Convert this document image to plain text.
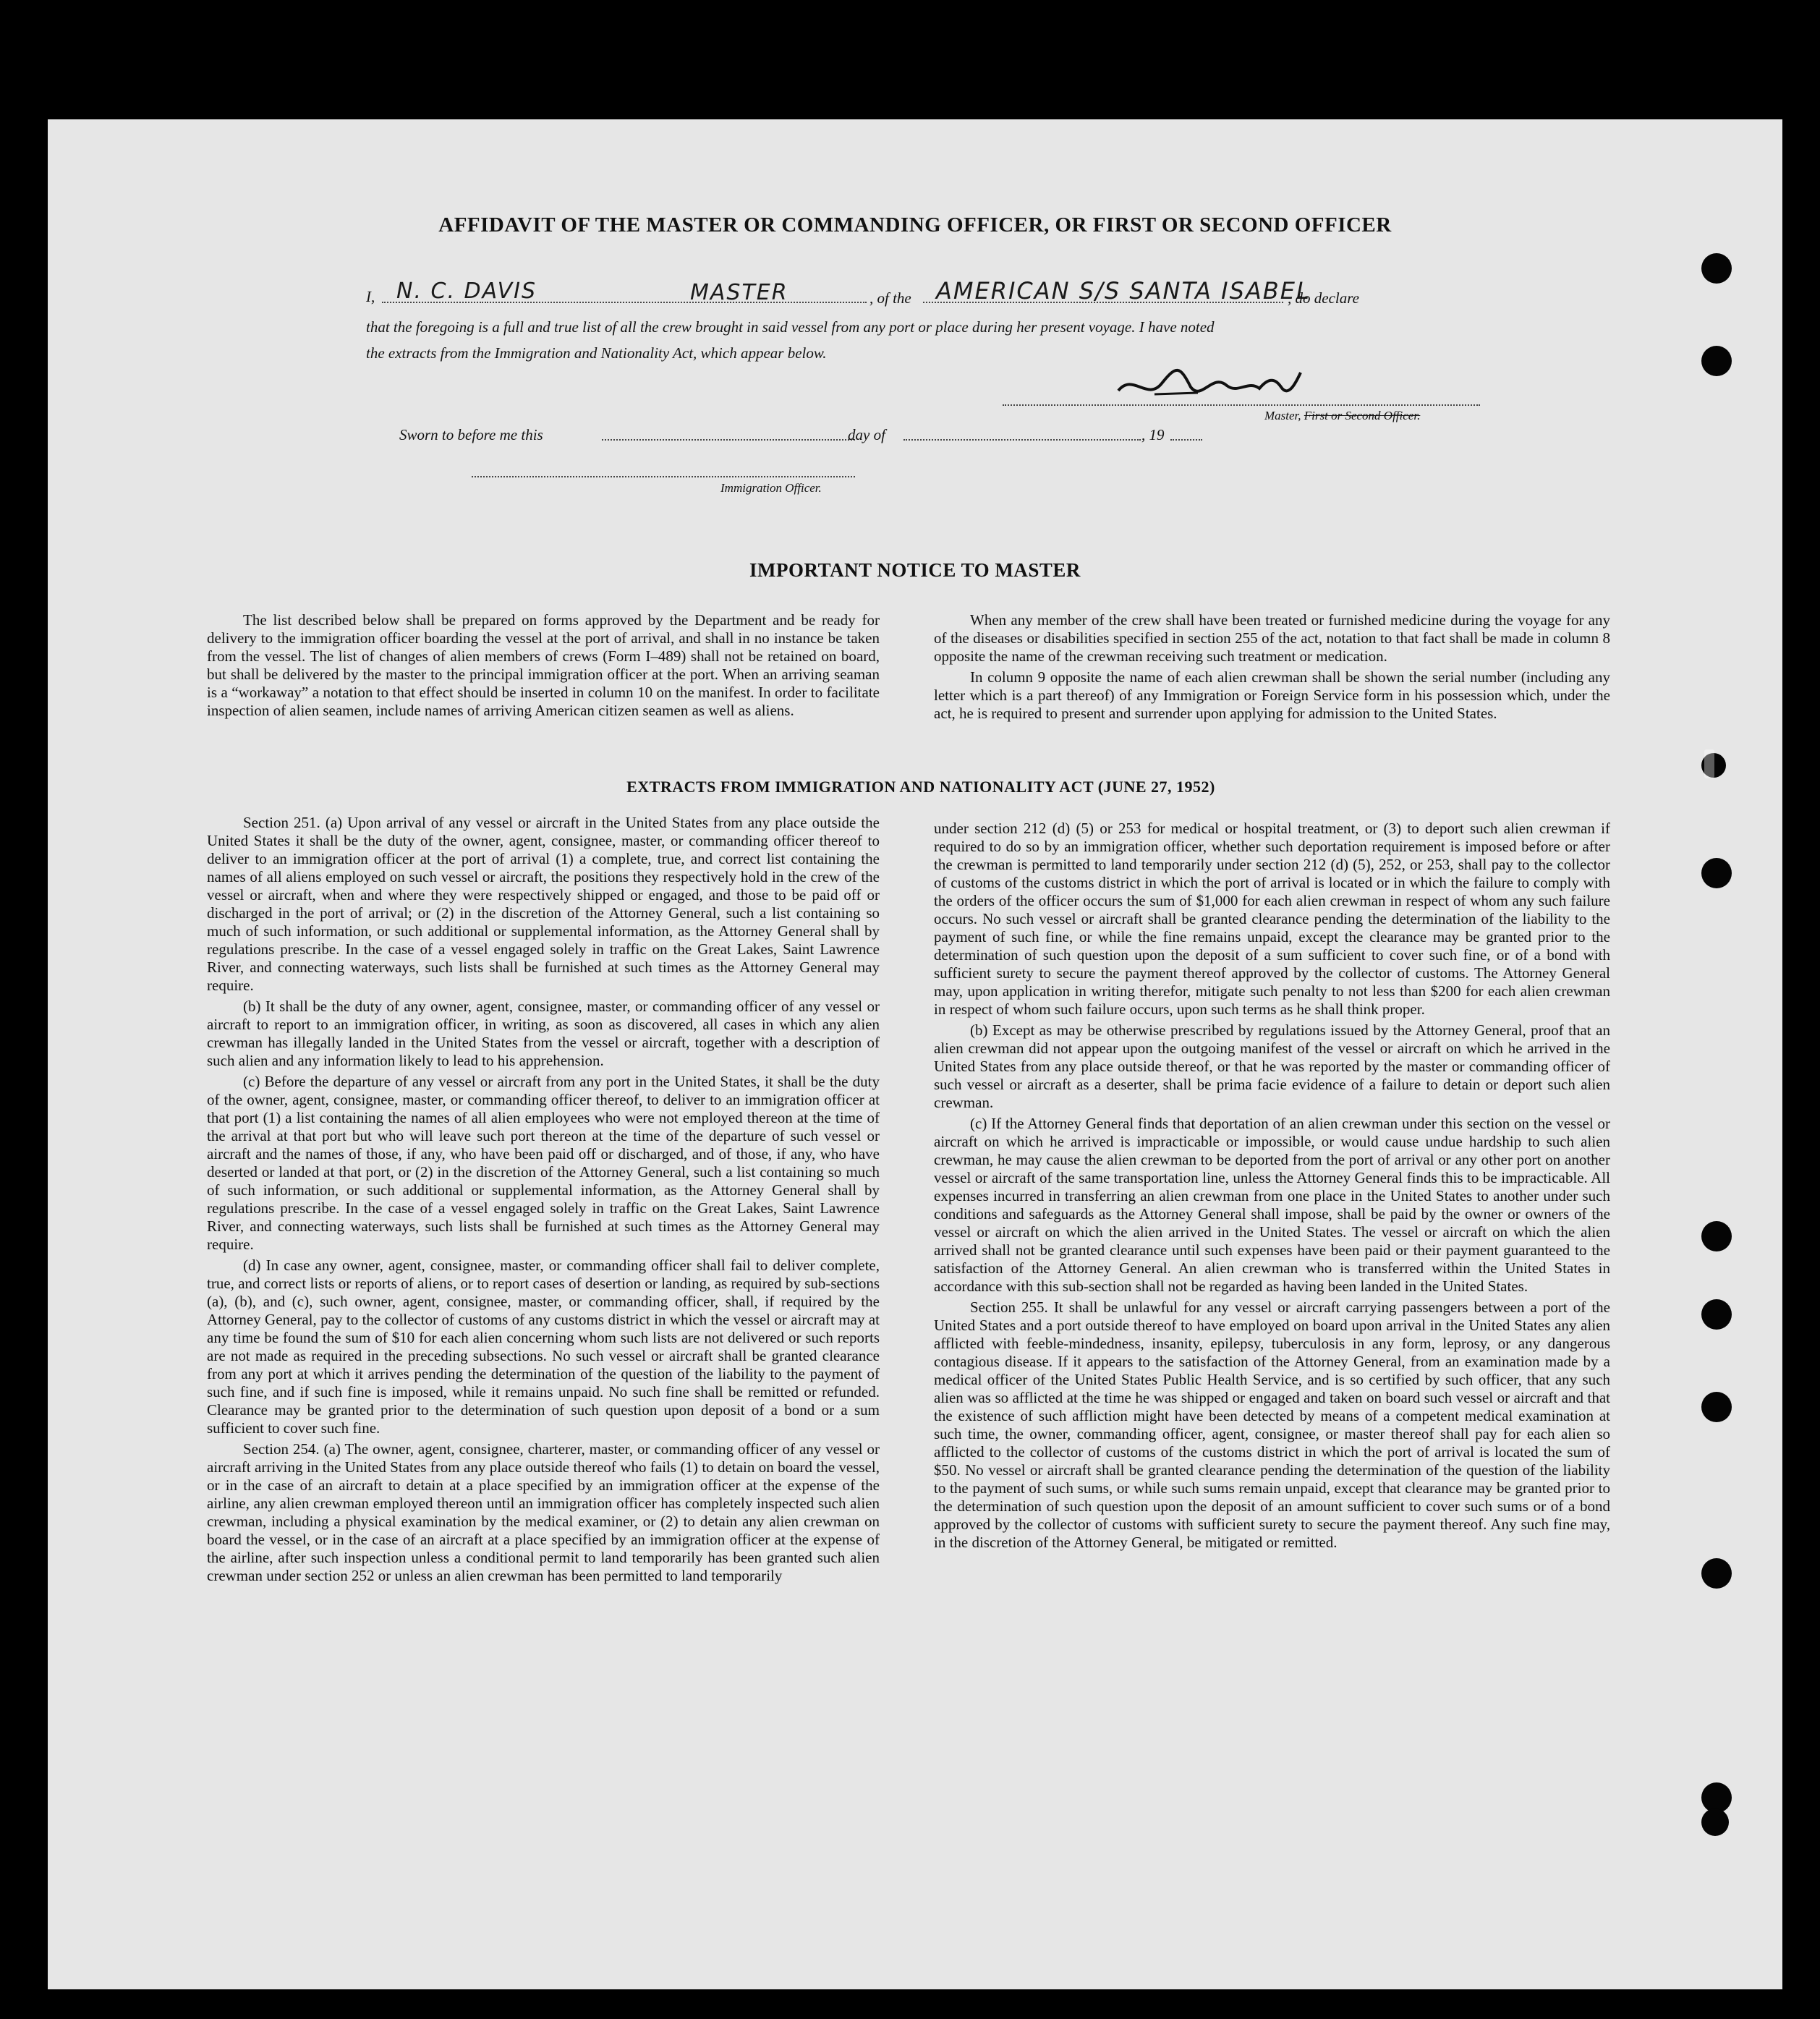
AFFIDAVIT OF THE MASTER OR COMMANDING OFFICER, OR FIRST OR SECOND OFFICER
I, N. C. DAVIS	MASTER	, of the AMERICAN S/S SANTA ISABEL
, do declare
that the foregoing is a full and true list of all the crew brought in said vessel from any port or place during her present voyage. I have noted
the extracts from the Immigration and Nationality Act, which appear below.
Master, First or Second Officer.
Sworn to before me this	day of	, 19
Immigration Officer.
IMPORTANT NOTICE TO MASTER

The list described below shall be prepared on forms approved by the Department and be ready for delivery to the immigration officer boarding the vessel at the port of arrival, and shall in no instance be taken from the vessel. The list of changes of alien members of crews (Form I–489) shall not be retained on board, but shall be delivered by the master to the principal immigration officer at the port. When an arriving seaman is a “workaway” a notation to that effect should be inserted in column 10 on the manifest. In order to facilitate inspection of alien seamen, include names of arriving American citizen seamen as well as aliens.

When any member of the crew shall have been treated or furnished medicine during the voyage for any of the diseases or disabilities specified in section 255 of the act, notation to that fact shall be made in column 8 opposite the name of the crewman receiving such treatment or medication.

In column 9 opposite the name of each alien crewman shall be shown the serial number (including any letter which is a part thereof) of any Immigration or Foreign Service form in his possession which, under the act, he is required to present and surrender upon applying for admission to the United States.

EXTRACTS FROM IMMIGRATION AND NATIONALITY ACT (JUNE 27, 1952)

Section 251. (a) Upon arrival of any vessel or aircraft in the United States from any place outside the United States it shall be the duty of the owner, agent, consignee, master, or commanding officer thereof to deliver to an immigration officer at the port of arrival (1) a complete, true, and correct list containing the names of all aliens employed on such vessel or aircraft, the positions they respectively hold in the crew of the vessel or aircraft, when and where they were respectively shipped or engaged, and those to be paid off or discharged in the port of arrival; or (2) in the discretion of the Attorney General, such a list containing so much of such information, or such additional or supplemental information, as the Attorney General shall by regulations prescribe. In the case of a vessel engaged solely in traffic on the Great Lakes, Saint Lawrence River, and connecting waterways, such lists shall be furnished at such times as the Attorney General may require.

(b) It shall be the duty of any owner, agent, consignee, master, or commanding officer of any vessel or aircraft to report to an immigration officer, in writing, as soon as discovered, all cases in which any alien crewman has illegally landed in the United States from the vessel or aircraft, together with a description of such alien and any information likely to lead to his apprehension.

(c) Before the departure of any vessel or aircraft from any port in the United States, it shall be the duty of the owner, agent, consignee, master, or commanding officer thereof, to deliver to an immigration officer at that port (1) a list containing the names of all alien employees who were not employed thereon at the time of the arrival at that port but who will leave such port thereon at the time of the departure of such vessel or aircraft and the names of those, if any, who have been paid off or discharged, and of those, if any, who have deserted or landed at that port, or (2) in the discretion of the Attorney General, such a list containing so much of such information, or such additional or supplemental information, as the Attorney General shall by regulations prescribe. In the case of a vessel engaged solely in traffic on the Great Lakes, Saint Lawrence River, and connecting waterways, such lists shall be furnished at such times as the Attorney General may require.

(d) In case any owner, agent, consignee, master, or commanding officer shall fail to deliver complete, true, and correct lists or reports of aliens, or to report cases of desertion or landing, as required by sub-sections (a), (b), and (c), such owner, agent, consignee, master, or commanding officer, shall, if required by the Attorney General, pay to the collector of customs of any customs district in which the vessel or aircraft may at any time be found the sum of $10 for each alien concerning whom such lists are not delivered or such reports are not made as required in the preceding subsections. No such vessel or aircraft shall be granted clearance from any port at which it arrives pending the determination of the question of the liability to the payment of such fine, and if such fine is imposed, while it remains unpaid. No such fine shall be remitted or refunded. Clearance may be granted prior to the determination of such question upon deposit of a bond or a sum sufficient to cover such fine.

Section 254. (a) The owner, agent, consignee, charterer, master, or commanding officer of any vessel or aircraft arriving in the United States from any place outside thereof who fails (1) to detain on board the vessel, or in the case of an aircraft to detain at a place specified by an immigration officer at the expense of the airline, any alien crewman employed thereon until an immigration officer has completely inspected such alien crewman, including a physical examination by the medical examiner, or (2) to detain any alien crewman on board the vessel, or in the case of an aircraft at a place specified by an immigration officer at the expense of the airline, after such inspection unless a conditional permit to land temporarily has been granted such alien crewman under section 252 or unless an alien crewman has been permitted to land temporarily

under section 212 (d) (5) or 253 for medical or hospital treatment, or (3) to deport such alien crewman if required to do so by an immigration officer, whether such deportation requirement is imposed before or after the crewman is permitted to land temporarily under section 212 (d) (5), 252, or 253, shall pay to the collector of customs of the customs district in which the port of arrival is located or in which the failure to comply with the orders of the officer occurs the sum of $1,000 for each alien crewman in respect of whom any such failure occurs. No such vessel or aircraft shall be granted clearance pending the determination of the liability to the payment of such fine, or while the fine remains unpaid, except the clearance may be granted prior to the determination of such question upon the deposit of a sum sufficient to cover such fine, or of a bond with sufficient surety to secure the payment thereof approved by the collector of customs. The Attorney General may, upon application in writing therefor, mitigate such penalty to not less than $200 for each alien crewman in respect of whom such failure occurs, upon such terms as he shall think proper.

(b) Except as may be otherwise prescribed by regulations issued by the Attorney General, proof that an alien crewman did not appear upon the outgoing manifest of the vessel or aircraft on which he arrived in the United States from any place outside thereof, or that he was reported by the master or commanding officer of such vessel or aircraft as a deserter, shall be prima facie evidence of a failure to detain or deport such alien crewman.

(c) If the Attorney General finds that deportation of an alien crewman under this section on the vessel or aircraft on which he arrived is impracticable or impossible, or would cause undue hardship to such alien crewman, he may cause the alien crewman to be deported from the port of arrival or any other port on another vessel or aircraft of the same transportation line, unless the Attorney General finds this to be impracticable. All expenses incurred in transferring an alien crewman from one place in the United States to another under such conditions and safeguards as the Attorney General shall impose, shall be paid by the owner or owners of the vessel or aircraft on which the alien arrived in the United States. The vessel or aircraft on which the alien arrived shall not be granted clearance until such expenses have been paid or their payment guaranteed to the satisfaction of the Attorney General. An alien crewman who is transferred within the United States in accordance with this sub-section shall not be regarded as having been landed in the United States.

Section 255. It shall be unlawful for any vessel or aircraft carrying passengers between a port of the United States and a port outside thereof to have employed on board upon arrival in the United States any alien afflicted with feeble-mindedness, insanity, epilepsy, tuberculosis in any form, leprosy, or any dangerous contagious disease. If it appears to the satisfaction of the Attorney General, from an examination made by a medical officer of the United States Public Health Service, and is so certified by such officer, that any such alien was so afflicted at the time he was shipped or engaged and taken on board such vessel or aircraft and that the existence of such affliction might have been detected by means of a competent medical examination at such time, the owner, commanding officer, agent, consignee, or master thereof shall pay for each alien so afflicted to the collector of customs of the customs district in which the port of arrival is located the sum of $50. No vessel or aircraft shall be granted clearance pending the determination of the question of the liability to the payment of such sums, or while such sums remain unpaid, except that clearance may be granted prior to the determination of such question upon the deposit of an amount sufficient to cover such sums or of a bond approved by the collector of customs with sufficient surety to secure the payment thereof. Any such fine may, in the discretion of the Attorney General, be mitigated or remitted.
